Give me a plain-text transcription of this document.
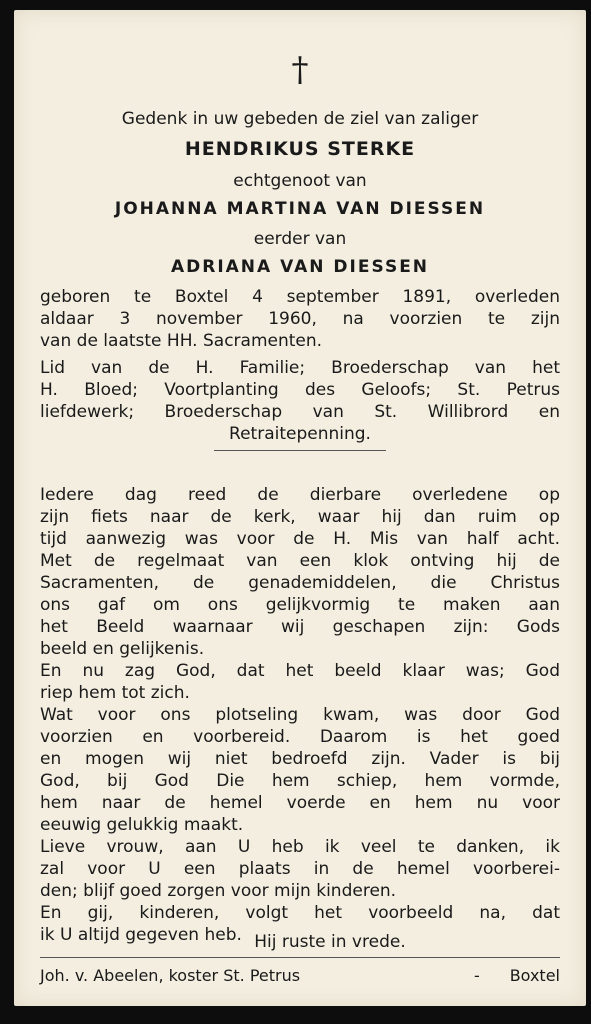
†
Gedenk in uw gebeden de ziel van zaliger
HENDRIKUS STERKE
echtgenoot van
JOHANNA MARTINA VAN DIESSEN
eerder van
ADRIANA VAN DIESSEN
geboren te Boxtel 4 september 1891, overleden
aldaar 3 november 1960, na voorzien te zijn
van de laatste HH. Sacramenten.
Lid van de H. Familie; Broederschap van het
H. Bloed; Voortplanting des Geloofs; St. Petrus
liefdewerk; Broederschap van St. Willibrord en
Retraitepenning.
Iedere dag reed de dierbare overledene op
zijn fiets naar de kerk, waar hij dan ruim op
tijd aanwezig was voor de H. Mis van half acht.
Met de regelmaat van een klok ontving hij de
Sacramenten, de genademiddelen, die Christus
ons gaf om ons gelijkvormig te maken aan
het Beeld waarnaar wij geschapen zijn: Gods
beeld en gelijkenis.
En nu zag God, dat het beeld klaar was; God
riep hem tot zich.
Wat voor ons plotseling kwam, was door God
voorzien en voorbereid. Daarom is het goed
en mogen wij niet bedroefd zijn. Vader is bij
God, bij God Die hem schiep, hem vormde,
hem naar de hemel voerde en hem nu voor
eeuwig gelukkig maakt.
Lieve vrouw, aan U heb ik veel te danken, ik
zal voor U een plaats in de hemel voorberei-
den; blijf goed zorgen voor mijn kinderen.
En gij, kinderen, volgt het voorbeeld na, dat
ik U altijd gegeven heb. Hij ruste in vrede.
Joh. v. Abeelen, koster St. Petrus	- Boxtel
